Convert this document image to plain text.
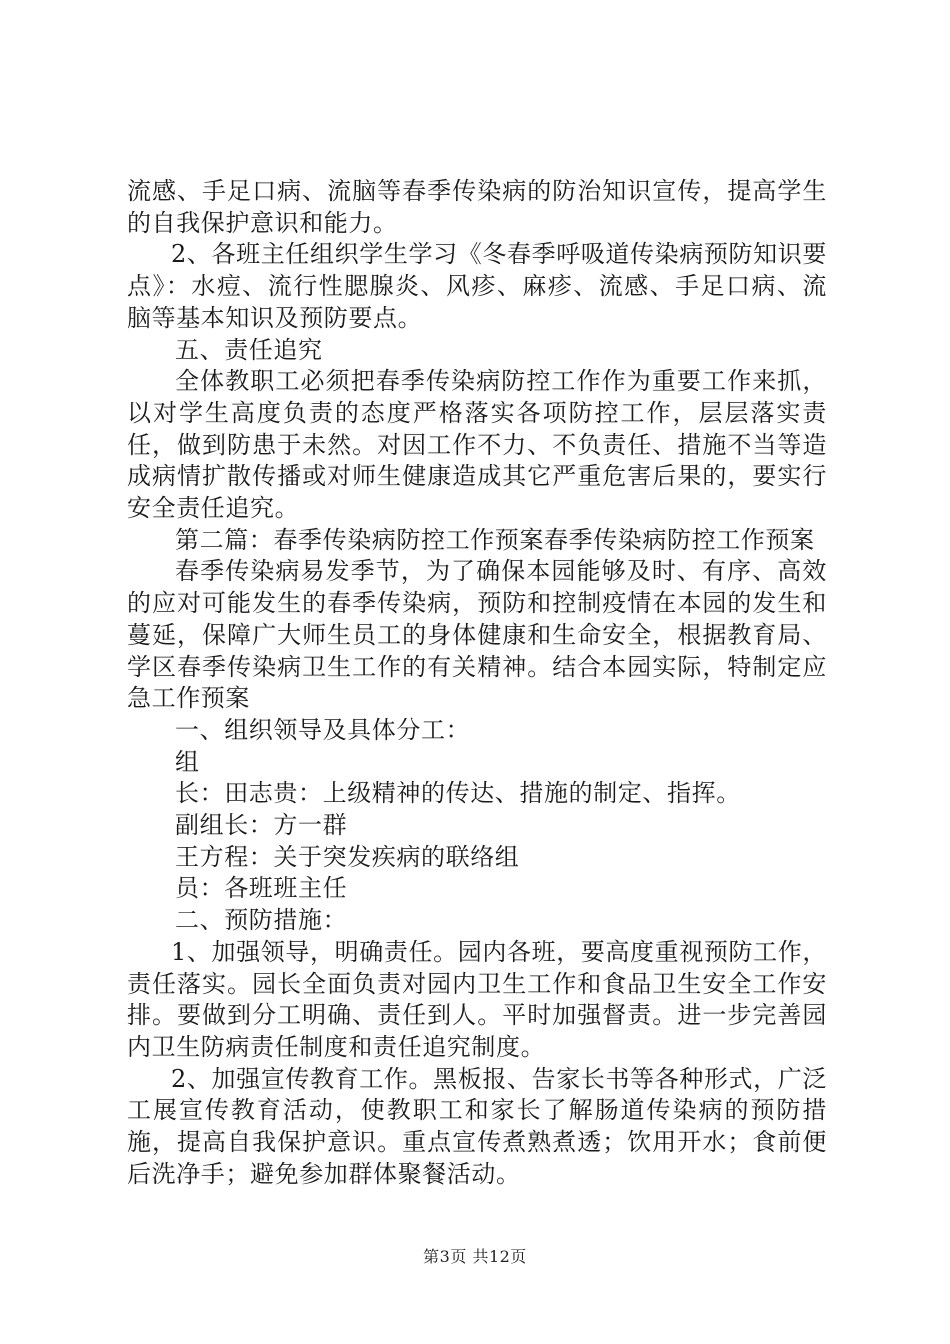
流感、手足口病、流脑等春季传染病的防治知识宣传，提高学生的自我保护意识和能力。

2、各班主任组织学生学习《冬春季呼吸道传染病预防知识要点》：水痘、流行性腮腺炎、风疹、麻疹、流感、手足口病、流脑等基本知识及预防要点。

五、责任追究

全体教职工必须把春季传染病防控工作作为重要工作来抓，以对学生高度负责的态度严格落实各项防控工作，层层落实责任，做到防患于未然。对因工作不力、不负责任、措施不当等造成病情扩散传播或对师生健康造成其它严重危害后果的，要实行安全责任追究。

第二篇：春季传染病防控工作预案春季传染病防控工作预案

春季传染病易发季节，为了确保本园能够及时、有序、高效的应对可能发生的春季传染病，预防和控制疫情在本园的发生和蔓延，保障广大师生员工的身体健康和生命安全，根据教育局、学区春季传染病卫生工作的有关精神。结合本园实际，特制定应急工作预案

一、组织领导及具体分工：

组

长：田志贵：上级精神的传达、措施的制定、指挥。

副组长：方一群

王方程：关于突发疾病的联络组

员：各班班主任

二、预防措施：

1、加强领导，明确责任。园内各班，要高度重视预防工作，责任落实。园长全面负责对园内卫生工作和食品卫生安全工作安排。要做到分工明确、责任到人。平时加强督责。进一步完善园内卫生防病责任制度和责任追究制度。

2、加强宣传教育工作。黑板报、告家长书等各种形式，广泛工展宣传教育活动，使教职工和家长了解肠道传染病的预防措施，提高自我保护意识。重点宣传煮熟煮透；饮用开水；食前便后洗净手；避免参加群体聚餐活动。

第3页 共12页
